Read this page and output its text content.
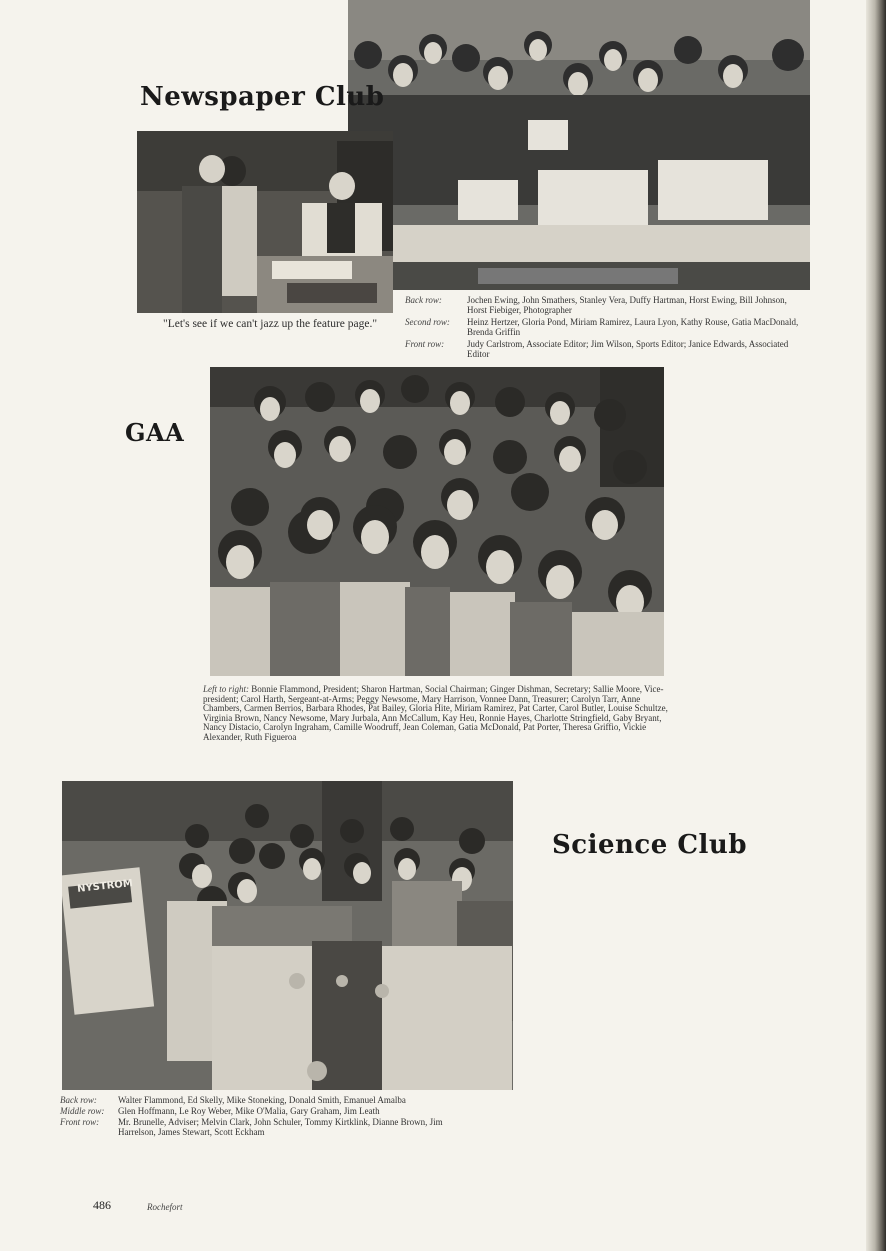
Newspaper Club
"Let's see if we can't jazz up the feature page."
Back row:	Jochen Ewing, John Smathers, Stanley Vera, Duffy Hartman, Horst Ewing, Bill Johnson, Horst Fiebiger, Photographer
Second row:	Heinz Hertzer, Gloria Pond, Miriam Ramirez, Laura Lyon, Kathy Rouse, Gatia MacDonald, Brenda Griffin
Front row:	Judy Carlstrom, Associate Editor; Jim Wilson, Sports Editor; Janice Edwards, Associated Editor
GAA
Left to right: Bonnie Flammond, President; Sharon Hartman, Social Chairman; Ginger Dishman, Secretary; Sallie Moore, Vice-president; Carol Harth, Sergeant-at-Arms; Peggy Newsome, Mary Harrison, Vonnee Dann, Treasurer; Carolyn Tarr, Anne Chambers, Carmen Berrios, Barbara Rhodes, Pat Bailey, Gloria Hite, Miriam Ramirez, Pat Carter, Carol Butler, Louise Schultze, Virginia Brown, Nancy Newsome, Mary Jurbala, Ann McCallum, Kay Heu, Ronnie Hayes, Charlotte Stringfield, Gaby Bryant, Nancy Distacio, Carolyn Ingraham, Camille Woodruff, Jean Coleman, Gatia McDonald, Pat Porter, Theresa Griffio, Vickie Alexander, Ruth Figueroa
NYSTROM
Science Club
Back row:	Walter Flammond, Ed Skelly, Mike Stoneking, Donald Smith, Emanuel Amalba
Middle row:	Glen Hoffmann, Le Roy Weber, Mike O'Malia, Gary Graham, Jim Leath
Front row:	Mr. Brunelle, Adviser; Melvin Clark, John Schuler, Tommy Kirtklink, Dianne Brown, Jim Harrelson, James Stewart, Scott Eckham
486	Rochefort
